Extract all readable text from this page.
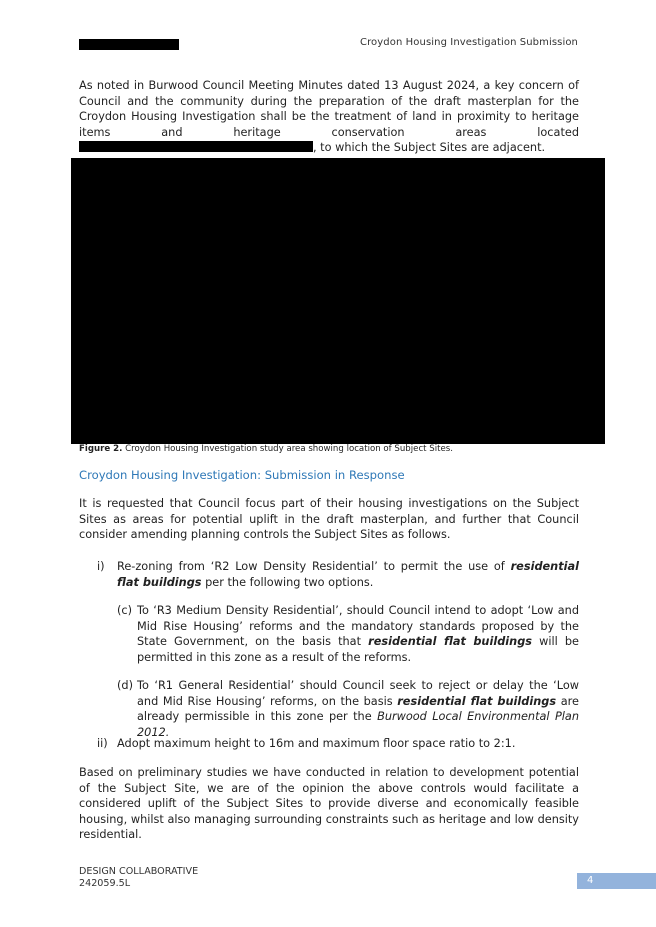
Croydon Housing Investigation Submission
As noted in Burwood Council Meeting Minutes dated 13 August 2024, a key concern of Council and the community during the preparation of the draft masterplan for the Croydon Housing Investigation shall be the treatment of land in proximity to heritage items and heritage conservation areas located , to which the Subject Sites are adjacent.
Figure 2. Croydon Housing Investigation study area showing location of Subject Sites.
Croydon Housing Investigation: Submission in Response
It is requested that Council focus part of their housing investigations on the Subject Sites as areas for potential uplift in the draft masterplan, and further that Council consider amending planning controls the Subject Sites as follows.
i) Re-zoning from ‘R2 Low Density Residential’ to permit the use of residential flat buildings per the following two options.
(c) To ‘R3 Medium Density Residential’, should Council intend to adopt ‘Low and Mid Rise Housing’ reforms and the mandatory standards proposed by the State Government, on the basis that residential flat buildings will be permitted in this zone as a result of the reforms.
(d) To ‘R1 General Residential’ should Council seek to reject or delay the ‘Low and Mid Rise Housing’ reforms, on the basis residential flat buildings are already permissible in this zone per the Burwood Local Environmental Plan 2012.
ii) Adopt maximum height to 16m and maximum floor space ratio to 2:1.
Based on preliminary studies we have conducted in relation to development potential of the Subject Site, we are of the opinion the above controls would facilitate a considered uplift of the Subject Sites to provide diverse and economically feasible housing, whilst also managing surrounding constraints such as heritage and low density residential.
DESIGN COLLABORATIVE
242059.5L	4
